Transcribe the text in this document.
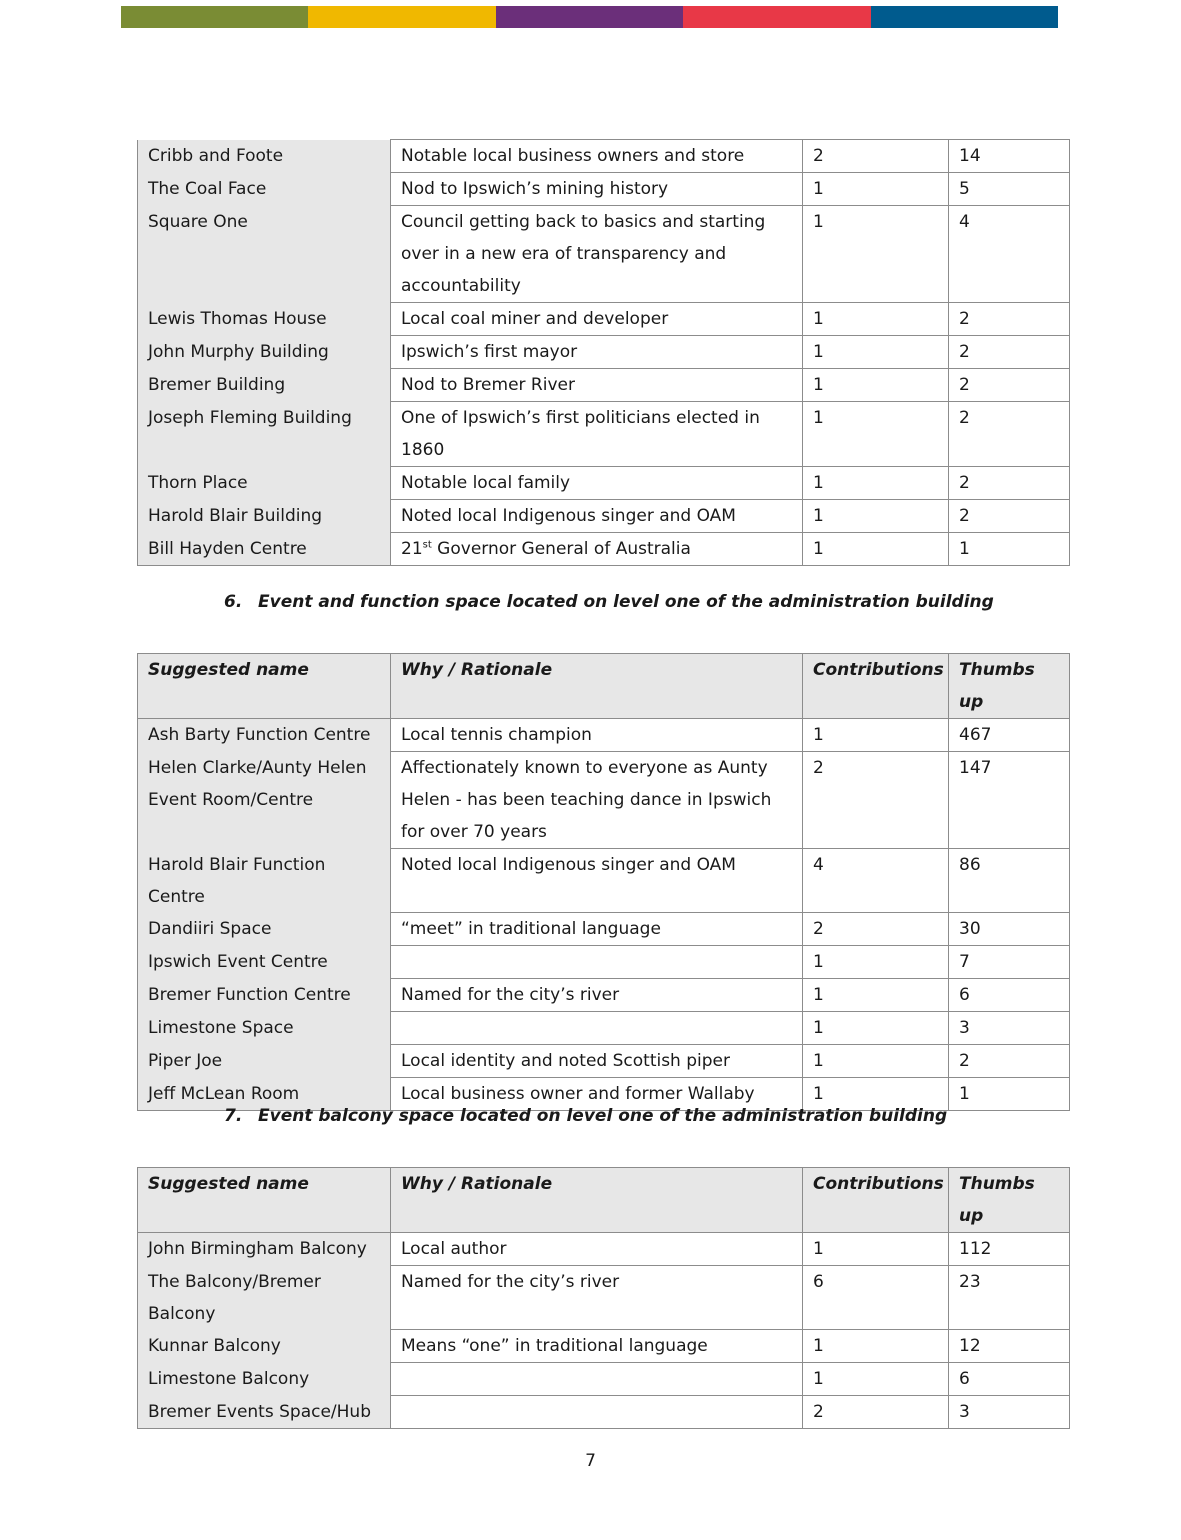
Cribb and Foote	Notable local business owners and store	2	14
The Coal Face	Nod to Ipswich’s mining history	1	5
Square One	Council getting back to basics and starting over in a new era of transparency and accountability	1	4
Lewis Thomas House	Local coal miner and developer	1	2
John Murphy Building	Ipswich’s first mayor	1	2
Bremer Building	Nod to Bremer River	1	2
Joseph Fleming Building	One of Ipswich’s first politicians elected in 1860	1	2
Thorn Place	Notable local family	1	2
Harold Blair Building	Noted local Indigenous singer and OAM	1	2
Bill Hayden Centre	21st Governor General of Australia	1	1
6. Event and function space located on level one of the administration building
Suggested name	Why / Rationale	Contributions	Thumbs up
Ash Barty Function Centre	Local tennis champion	1	467
Helen Clarke/Aunty Helen Event Room/Centre	Affectionately known to everyone as Aunty Helen - has been teaching dance in Ipswich for over 70 years	2	147
Harold Blair Function Centre	Noted local Indigenous singer and OAM	4	86
Dandiiri Space	“meet” in traditional language	2	30
Ipswich Event Centre		1	7
Bremer Function Centre	Named for the city’s river	1	6
Limestone Space		1	3
Piper Joe	Local identity and noted Scottish piper	1	2
Jeff McLean Room	Local business owner and former Wallaby	1	1
7. Event balcony space located on level one of the administration building
Suggested name	Why / Rationale	Contributions	Thumbs up
John Birmingham Balcony	Local author	1	112
The Balcony/Bremer Balcony	Named for the city’s river	6	23
Kunnar Balcony	Means “one” in traditional language	1	12
Limestone Balcony		1	6
Bremer Events Space/Hub		2	3
7
